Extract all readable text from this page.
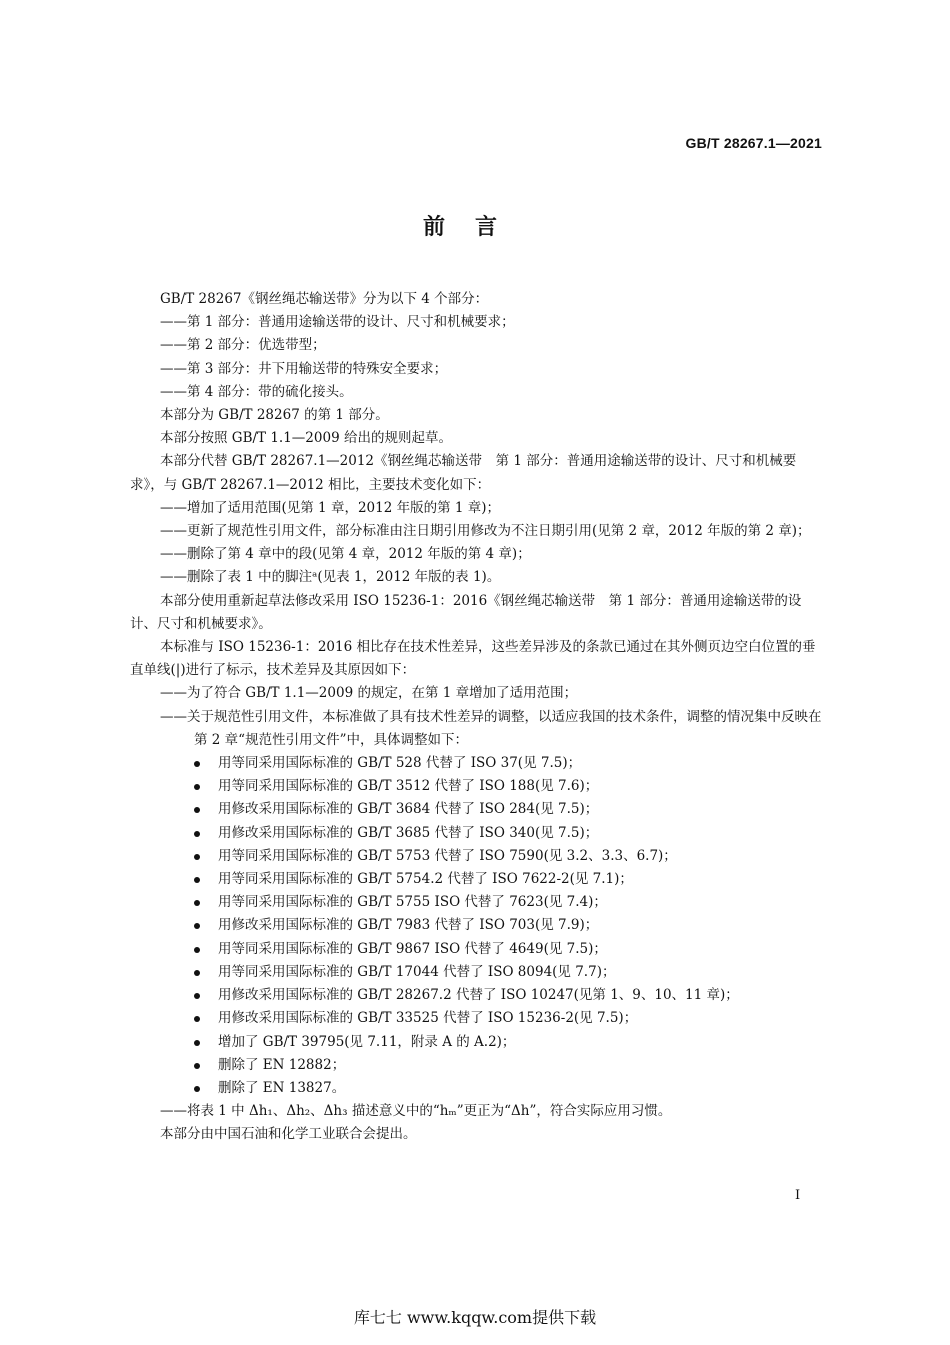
GB/T 28267.1—2021
前言

GB/T 28267《钢丝绳芯输送带》分为以下 4 个部分：

——第 1 部分：普通用途输送带的设计、尺寸和机械要求；

——第 2 部分：优选带型；

——第 3 部分：井下用输送带的特殊安全要求；

——第 4 部分：带的硫化接头。

本部分为 GB/T 28267 的第 1 部分。

本部分按照 GB/T 1.1—2009 给出的规则起草。

本部分代替 GB/T 28267.1—2012《钢丝绳芯输送带　第 1 部分：普通用途输送带的设计、尺寸和机械要求》，与 GB/T 28267.1—2012 相比，主要技术变化如下：

——增加了适用范围(见第 1 章，2012 年版的第 1 章)；

——更新了规范性引用文件，部分标准由注日期引用修改为不注日期引用(见第 2 章，2012 年版的第 2 章)；

——删除了第 4 章中的段(见第 4 章，2012 年版的第 4 章)；

——删除了表 1 中的脚注ᵃ(见表 1，2012 年版的表 1)。

本部分使用重新起草法修改采用 ISO 15236-1：2016《钢丝绳芯输送带　第 1 部分：普通用途输送带的设计、尺寸和机械要求》。

本标准与 ISO 15236-1：2016 相比存在技术性差异，这些差异涉及的条款已通过在其外侧页边空白位置的垂直单线(|)进行了标示，技术差异及其原因如下：

——为了符合 GB/T 1.1—2009 的规定，在第 1 章增加了适用范围；

——关于规范性引用文件，本标准做了具有技术性差异的调整，以适应我国的技术条件，调整的情况集中反映在第 2 章“规范性引用文件”中，具体调整如下：

用等同采用国际标准的 GB/T 528 代替了 ISO 37(见 7.5)；
用等同采用国际标准的 GB/T 3512 代替了 ISO 188(见 7.6)；
用修改采用国际标准的 GB/T 3684 代替了 ISO 284(见 7.5)；
用修改采用国际标准的 GB/T 3685 代替了 ISO 340(见 7.5)；
用等同采用国际标准的 GB/T 5753 代替了 ISO 7590(见 3.2、3.3、6.7)；
用等同采用国际标准的 GB/T 5754.2 代替了 ISO 7622-2(见 7.1)；
用等同采用国际标准的 GB/T 5755 ISO 代替了 7623(见 7.4)；
用修改采用国际标准的 GB/T 7983 代替了 ISO 703(见 7.9)；
用等同采用国际标准的 GB/T 9867 ISO 代替了 4649(见 7.5)；
用等同采用国际标准的 GB/T 17044 代替了 ISO 8094(见 7.7)；
用修改采用国际标准的 GB/T 28267.2 代替了 ISO 10247(见第 1、9、10、11 章)；
用修改采用国际标准的 GB/T 33525 代替了 ISO 15236-2(见 7.5)；
增加了 GB/T 39795(见 7.11，附录 A 的 A.2)；
删除了 EN 12882；
删除了 EN 13827。

——将表 1 中 Δh₁、Δh₂、Δh₃ 描述意义中的“hₘ”更正为“Δh”，符合实际应用习惯。

本部分由中国石油和化学工业联合会提出。

I
库七七 www.kqqw.com提供下载
